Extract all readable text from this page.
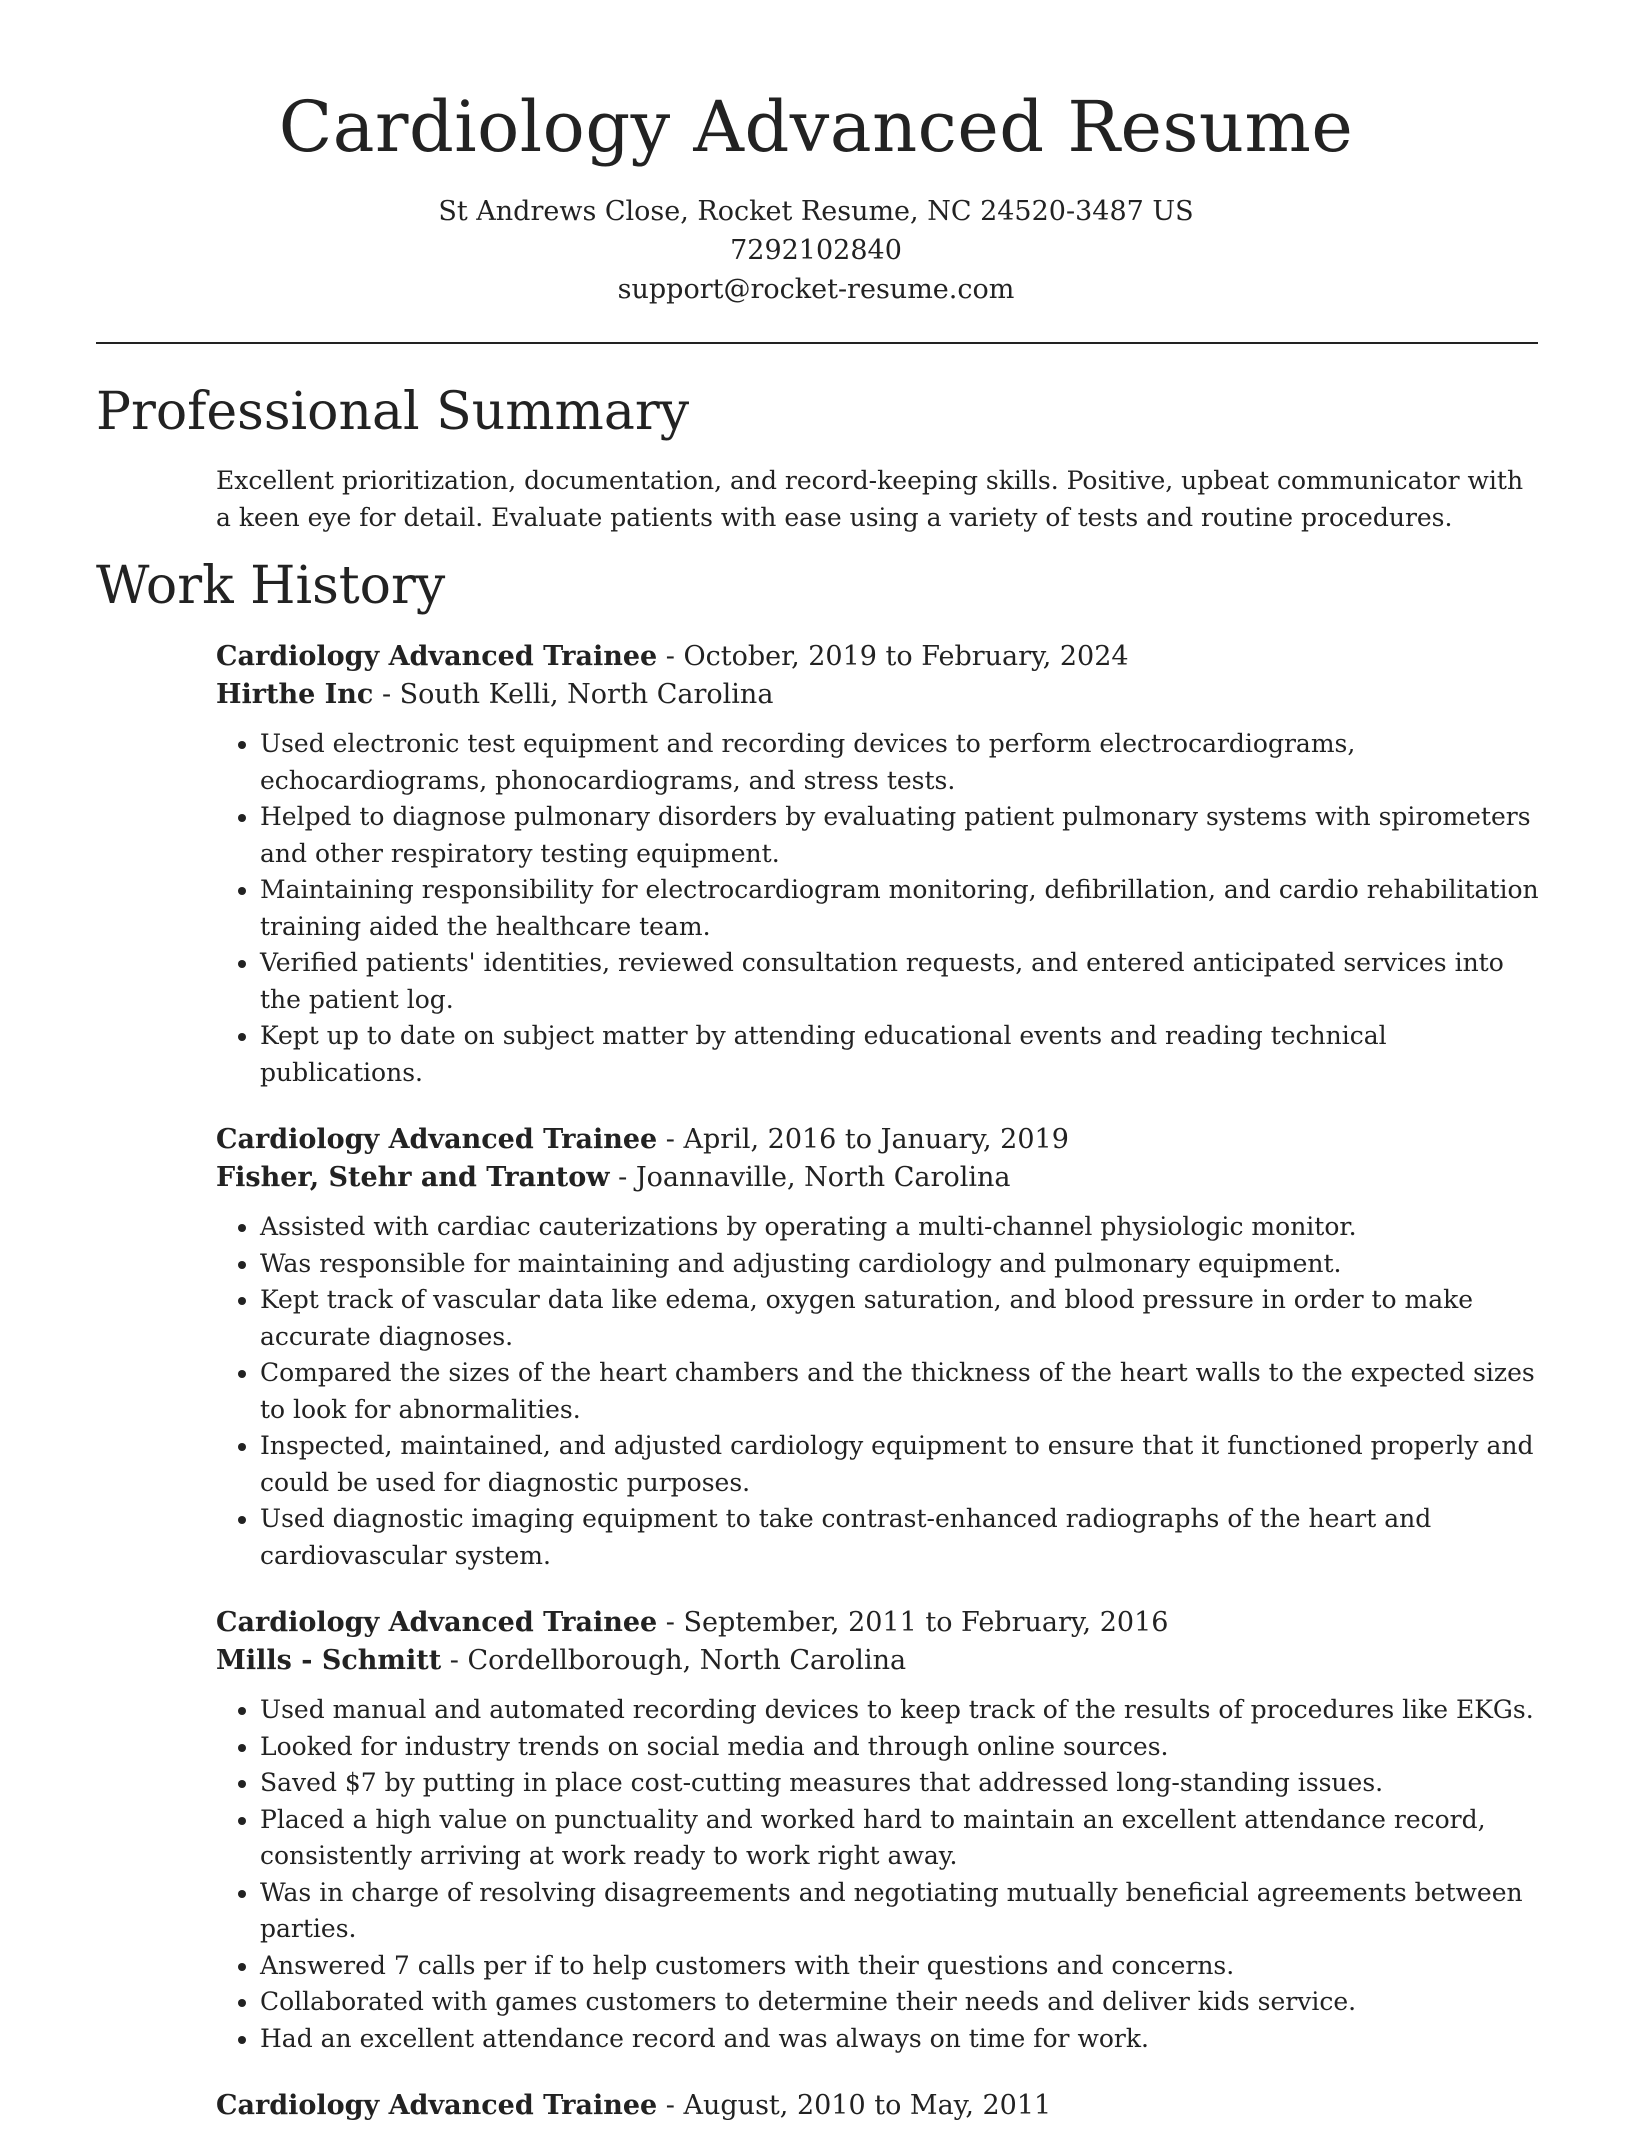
Cardiology Advanced Resume
St Andrews Close, Rocket Resume, NC 24520-3487 US
7292102840
support@rocket-resume.com
Professional Summary

Excellent prioritization, documentation, and record-keeping skills. Positive, upbeat communicator with a keen eye for detail. Evaluate patients with ease using a variety of tests and routine procedures.

Work History
Cardiology Advanced Trainee - October, 2019 to February, 2024
Hirthe Inc - South Kelli, North Carolina
• Used electronic test equipment and recording devices to perform electrocardiograms, echocardiograms, phonocardiograms, and stress tests.
• Helped to diagnose pulmonary disorders by evaluating patient pulmonary systems with spirometers and other respiratory testing equipment.
• Maintaining responsibility for electrocardiogram monitoring, defibrillation, and cardio rehabilitation training aided the healthcare team.
• Verified patients' identities, reviewed consultation requests, and entered anticipated services into the patient log.
• Kept up to date on subject matter by attending educational events and reading technical publications.
Cardiology Advanced Trainee - April, 2016 to January, 2019
Fisher, Stehr and Trantow - Joannaville, North Carolina
• Assisted with cardiac cauterizations by operating a multi-channel physiologic monitor.
• Was responsible for maintaining and adjusting cardiology and pulmonary equipment.
• Kept track of vascular data like edema, oxygen saturation, and blood pressure in order to make accurate diagnoses.
• Compared the sizes of the heart chambers and the thickness of the heart walls to the expected sizes to look for abnormalities.
• Inspected, maintained, and adjusted cardiology equipment to ensure that it functioned properly and could be used for diagnostic purposes.
• Used diagnostic imaging equipment to take contrast-enhanced radiographs of the heart and cardiovascular system.
Cardiology Advanced Trainee - September, 2011 to February, 2016
Mills - Schmitt - Cordellborough, North Carolina
• Used manual and automated recording devices to keep track of the results of procedures like EKGs.
• Looked for industry trends on social media and through online sources.
• Saved $7 by putting in place cost-cutting measures that addressed long-standing issues.
• Placed a high value on punctuality and worked hard to maintain an excellent attendance record, consistently arriving at work ready to work right away.
• Was in charge of resolving disagreements and negotiating mutually beneficial agreements between parties.
• Answered 7 calls per if to help customers with their questions and concerns.
• Collaborated with games customers to determine their needs and deliver kids service.
• Had an excellent attendance record and was always on time for work.
Cardiology Advanced Trainee - August, 2010 to May, 2011
